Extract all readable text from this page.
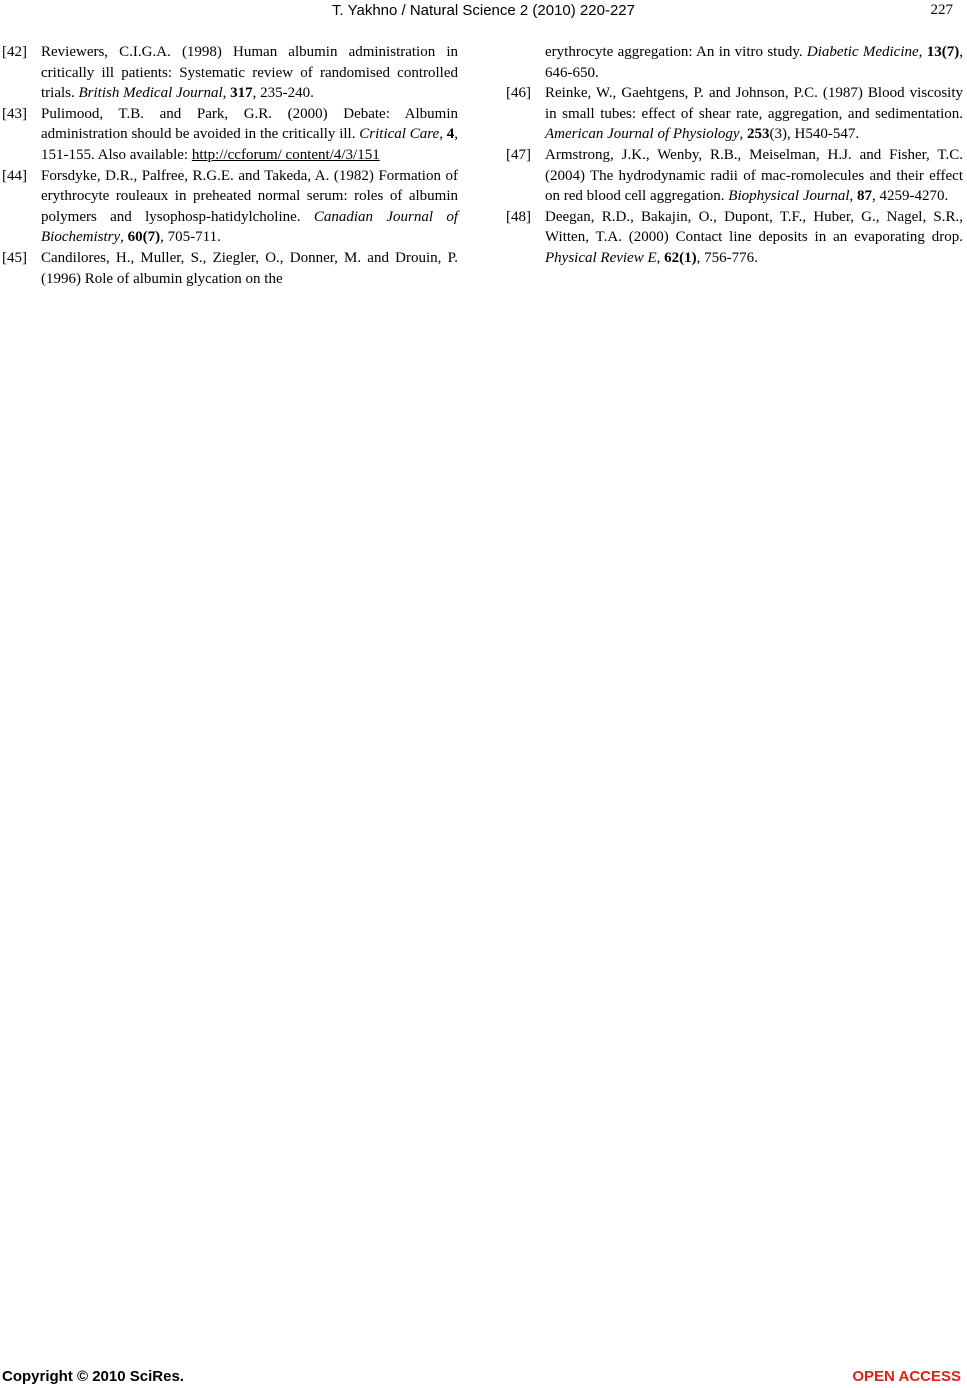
T. Yakhno / Natural Science 2 (2010) 220-227	227

[42] Reviewers, C.I.G.A. (1998) Human albumin administration in critically ill patients: Systematic review of randomised controlled trials. British Medical Journal, 317, 235-240.

[43] Pulimood, T.B. and Park, G.R. (2000) Debate: Albumin administration should be avoided in the critically ill. Critical Care, 4, 151-155. Also available: http://ccforum/ content/4/3/151

[44] Forsdyke, D.R., Palfree, R.G.E. and Takeda, A. (1982) Formation of erythrocyte rouleaux in preheated normal serum: roles of albumin polymers and lysophosp-hatidylcholine. Canadian Journal of Biochemistry, 60(7), 705-711.

[45] Candilores, H., Muller, S., Ziegler, O., Donner, M. and Drouin, P. (1996) Role of albumin glycation on the

erythrocyte aggregation: An in vitro study. Diabetic Medicine, 13(7), 646-650.

[46] Reinke, W., Gaehtgens, P. and Johnson, P.C. (1987) Blood viscosity in small tubes: effect of shear rate, aggregation, and sedimentation. American Journal of Physiology, 253(3), H540-547.

[47] Armstrong, J.K., Wenby, R.B., Meiselman, H.J. and Fisher, T.C. (2004) The hydrodynamic radii of mac-romolecules and their effect on red blood cell aggregation. Biophysical Journal, 87, 4259-4270.

[48] Deegan, R.D., Bakajin, O., Dupont, T.F., Huber, G., Nagel, S.R., Witten, T.A. (2000) Contact line deposits in an evaporating drop. Physical Review E, 62(1), 756-776.

Copyright © 2010 SciRes.	OPEN ACCESS
